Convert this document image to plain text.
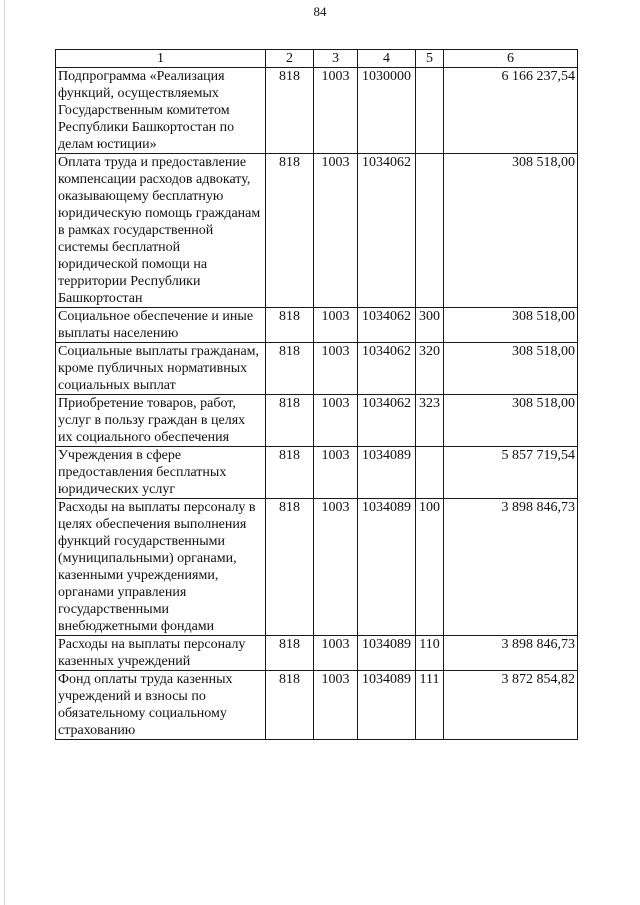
84
1	2	3	4	5	6
Подпрограмма «Реализация функций, осуществляемых Государственным комитетом Республики Башкортостан по делам юстиции»	818	1003	1030000		6 166 237,54
Оплата труда и предоставление компенсации расходов адвокату, оказывающему бесплатную юридическую помощь гражданам в рамках государственной системы бесплатной юридической помощи на территории Республики Башкортостан	818	1003	1034062		308 518,00
Социальное обеспечение и иные выплаты населению	818	1003	1034062	300	308 518,00
Социальные выплаты гражданам, кроме публичных нормативных социальных выплат	818	1003	1034062	320	308 518,00
Приобретение товаров, работ, услуг в пользу граждан в целях их социального обеспечения	818	1003	1034062	323	308 518,00
Учреждения в сфере предоставления бесплатных юридических услуг	818	1003	1034089		5 857 719,54
Расходы на выплаты персоналу в целях обеспечения выполнения функций государственными (муниципальными) органами, казенными учреждениями, органами управления государственными внебюджетными фондами	818	1003	1034089	100	3 898 846,73
Расходы на выплаты персоналу казенных учреждений	818	1003	1034089	110	3 898 846,73
Фонд оплаты труда казенных учреждений и взносы по обязательному социальному страхованию	818	1003	1034089	111	3 872 854,82
